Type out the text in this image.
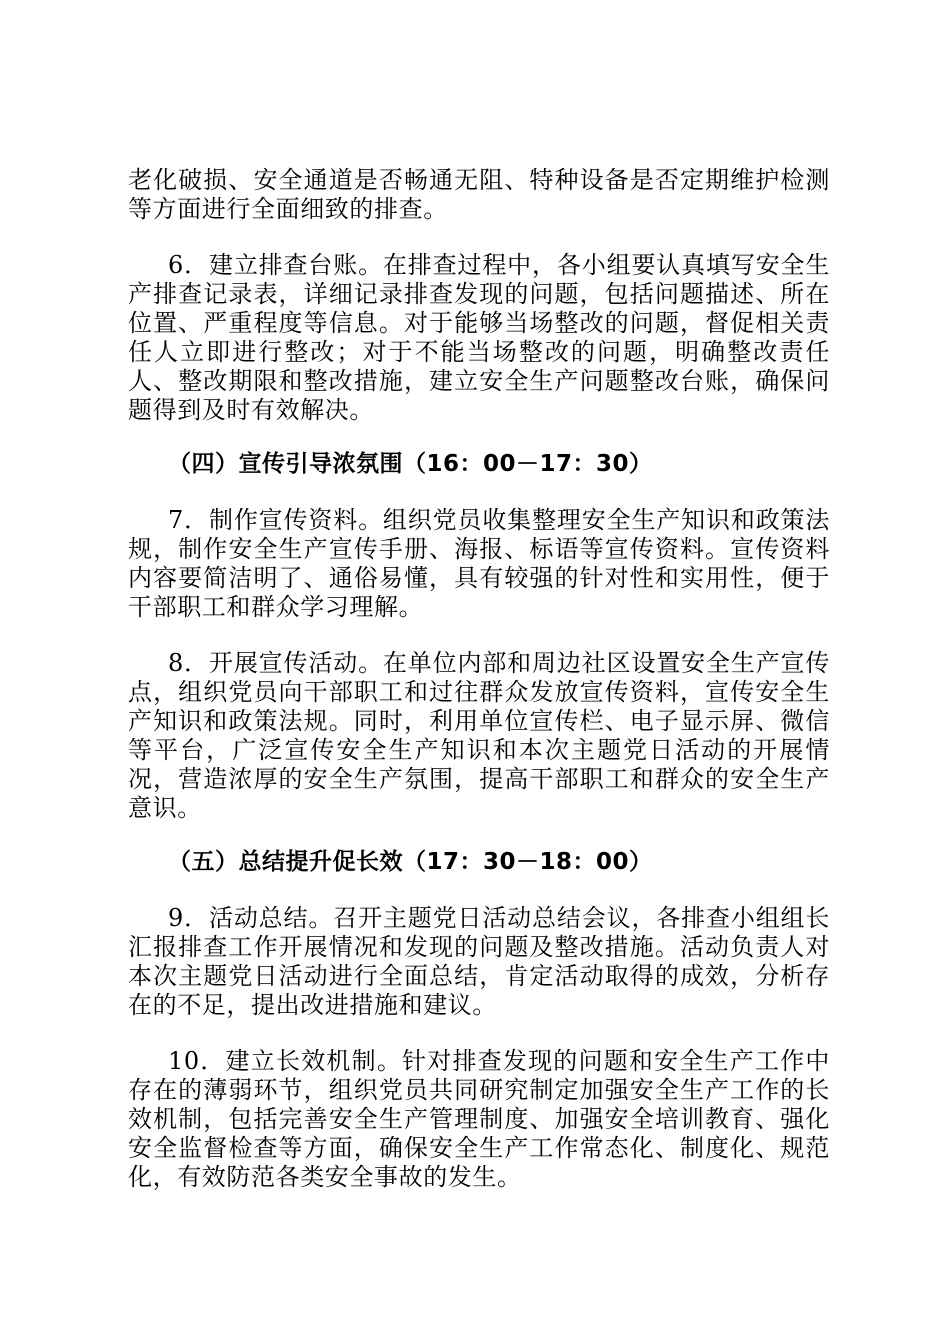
老化破损、安全通道是否畅通无阻、特种设备是否定期维护检测等方面进行全面细致的排查。

6．建立排查台账。在排查过程中，各小组要认真填写安全生产排查记录表，详细记录排查发现的问题，包括问题描述、所在位置、严重程度等信息。对于能够当场整改的问题，督促相关责任人立即进行整改；对于不能当场整改的问题，明确整改责任人、整改期限和整改措施，建立安全生产问题整改台账，确保问题得到及时有效解决。

（四）宣传引导浓氛围（16：00－17：30）

7．制作宣传资料。组织党员收集整理安全生产知识和政策法规，制作安全生产宣传手册、海报、标语等宣传资料。宣传资料内容要简洁明了、通俗易懂，具有较强的针对性和实用性，便于干部职工和群众学习理解。

8．开展宣传活动。在单位内部和周边社区设置安全生产宣传点，组织党员向干部职工和过往群众发放宣传资料，宣传安全生产知识和政策法规。同时，利用单位宣传栏、电子显示屏、微信等平台，广泛宣传安全生产知识和本次主题党日活动的开展情况，营造浓厚的安全生产氛围，提高干部职工和群众的安全生产意识。

（五）总结提升促长效（17：30－18：00）

9．活动总结。召开主题党日活动总结会议，各排查小组组长汇报排查工作开展情况和发现的问题及整改措施。活动负责人对本次主题党日活动进行全面总结，肯定活动取得的成效，分析存在的不足，提出改进措施和建议。

10．建立长效机制。针对排查发现的问题和安全生产工作中存在的薄弱环节，组织党员共同研究制定加强安全生产工作的长效机制，包括完善安全生产管理制度、加强安全培训教育、强化安全监督检查等方面，确保安全生产工作常态化、制度化、规范化，有效防范各类安全事故的发生。
